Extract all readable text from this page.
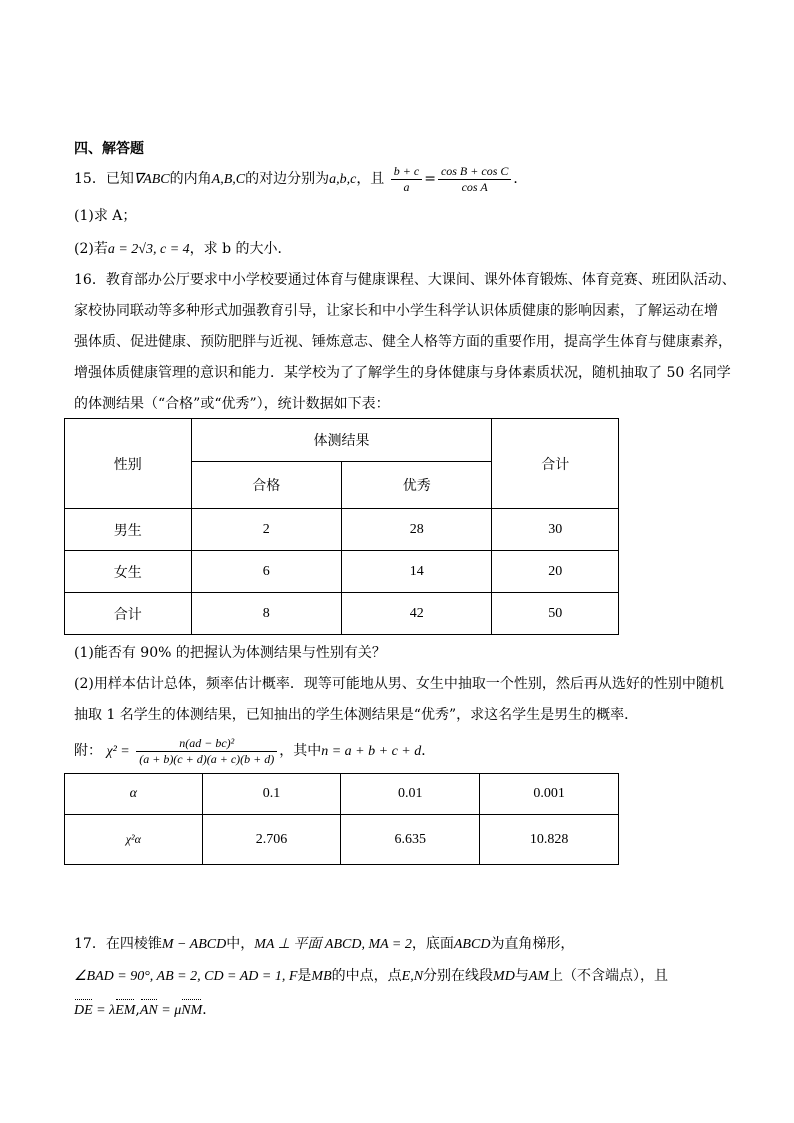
四、解答题
15．已知∇ABC的内角A,B,C的对边分别为a,b,c，且 $\frac{b + c}{a} = \frac{\text{cos B + cos C}}{\text{cos A}}$ ．
(1)求 A；
(2)若a = 2√3, c = 4，求 b 的大小．
16．教育部办公厅要求中小学校要通过体育与健康课程、大课间、课外体育锻炼、体育竞赛、班团队活动、
家校协同联动等多种形式加强教育引导，让家长和中小学生科学认识体质健康的影响因素，了解运动在增
强体质、促进健康、预防肥胖与近视、锤炼意志、健全人格等方面的重要作用，提高学生体育与健康素养，
增强体质健康管理的意识和能力．某学校为了了解学生的身体健康与身体素质状况，随机抽取了 50 名同学
的体测结果（“合格”或“优秀”），统计数据如下表：
性别	体测结果		合计
	合格	优秀	
男生	2	28	30
女生	6	14	20
合计	8	42	50
(1)能否有 90% 的把握认为体测结果与性别有关？
(2)用样本估计总体，频率估计概率．现等可能地从男、女生中抽取一个性别，然后再从选好的性别中随机
抽取 1 名学生的体测结果，已知抽出的学生体测结果是“优秀”，求这名学生是男生的概率．
附： $\chi^2 = \frac{\text{n(ad − bc)²}}{(a + b)(c + d)(a + c)(b + d)}$ ，其中n = a + b + c + d．
α	0.1	0.01	0.001
χ²α	2.706	6.635	10.828
17．在四棱锥M − ABCD中，MA ⊥ 平面 ABCD, MA = 2，底面ABCD为直角梯形，
∠BAD = 90°, AB = 2, CD = AD = 1, F是MB的中点，点E,N分别在线段MD与AM上（不含端点），且
DE = λEM,AN = μNM．
